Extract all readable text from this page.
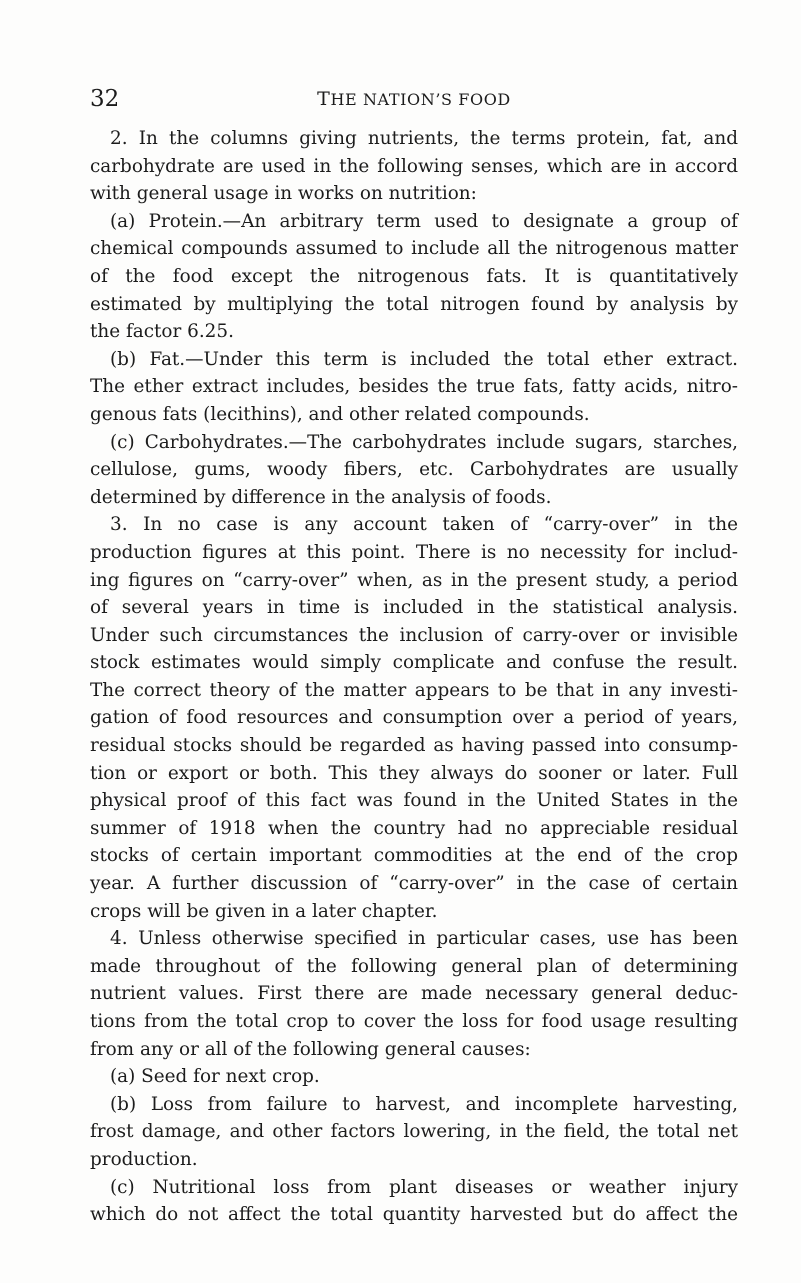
32	THE NATION’S FOOD
2. In the columns giving nutrients, the terms protein, fat, and
carbohydrate are used in the following senses, which are in accord
with general usage in works on nutrition:
(a) Protein.—An arbitrary term used to designate a group of
chemical compounds assumed to include all the nitrogenous matter
of the food except the nitrogenous fats. It is quantitatively
estimated by multiplying the total nitrogen found by analysis by
the factor 6.25.
(b) Fat.—Under this term is included the total ether extract.
The ether extract includes, besides the true fats, fatty acids, nitro-
genous fats (lecithins), and other related compounds.
(c) Carbohydrates.—The carbohydrates include sugars, starches,
cellulose, gums, woody fibers, etc. Carbohydrates are usually
determined by difference in the analysis of foods.
3. In no case is any account taken of “carry-over” in the
production figures at this point. There is no necessity for includ-
ing figures on “carry-over” when, as in the present study, a period
of several years in time is included in the statistical analysis.
Under such circumstances the inclusion of carry-over or invisible
stock estimates would simply complicate and confuse the result.
The correct theory of the matter appears to be that in any investi-
gation of food resources and consumption over a period of years,
residual stocks should be regarded as having passed into consump-
tion or export or both. This they always do sooner or later. Full
physical proof of this fact was found in the United States in the
summer of 1918 when the country had no appreciable residual
stocks of certain important commodities at the end of the crop
year. A further discussion of “carry-over” in the case of certain
crops will be given in a later chapter.
4. Unless otherwise specified in particular cases, use has been
made throughout of the following general plan of determining
nutrient values. First there are made necessary general deduc-
tions from the total crop to cover the loss for food usage resulting
from any or all of the following general causes:
(a) Seed for next crop.
(b) Loss from failure to harvest, and incomplete harvesting,
frost damage, and other factors lowering, in the field, the total net
production.
(c) Nutritional loss from plant diseases or weather injury
which do not affect the total quantity harvested but do affect the
